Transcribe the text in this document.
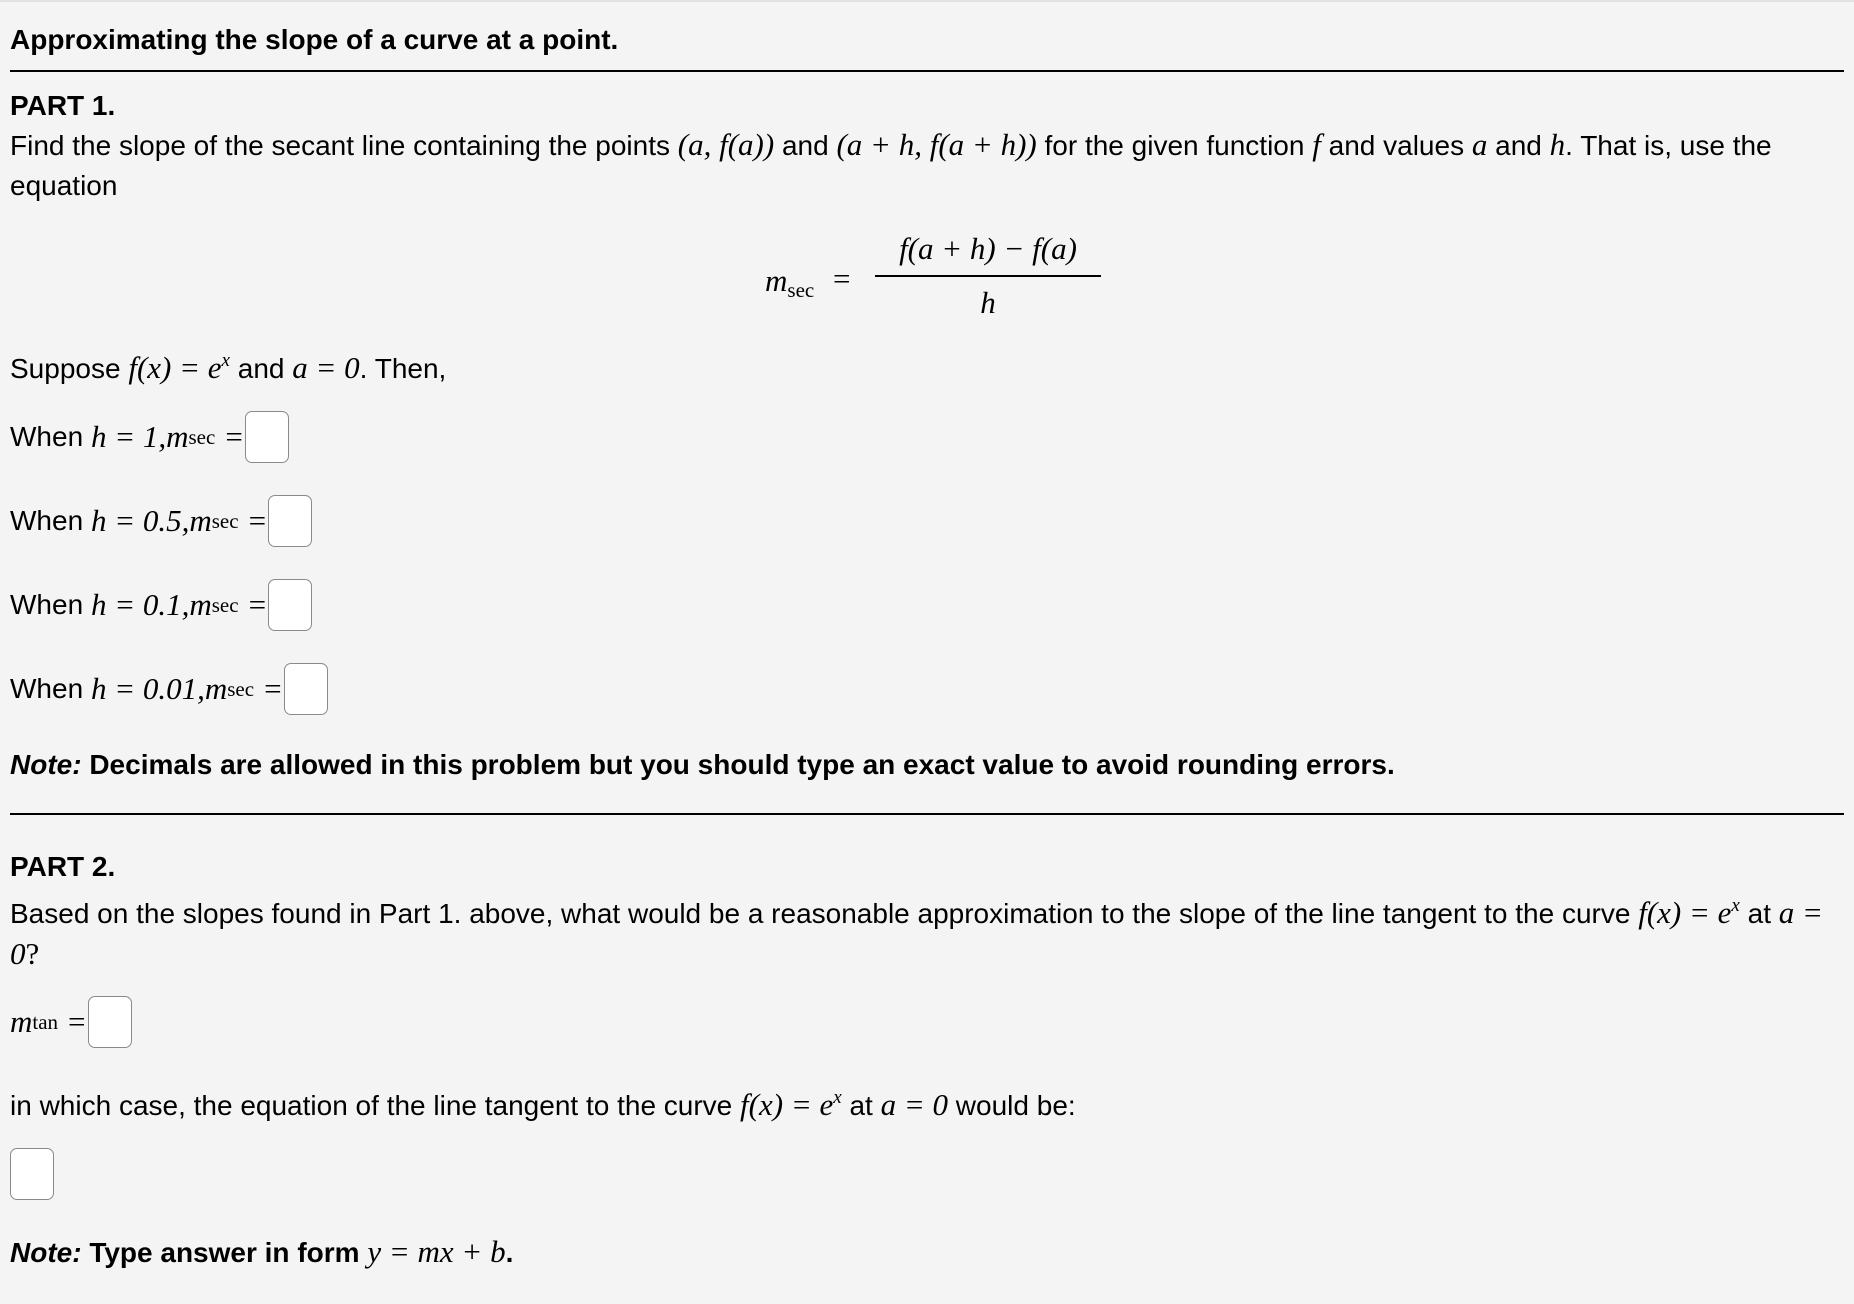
Approximating the slope of a curve at a point.
PART 1.
Find the slope of the secant line containing the points (a, f(a)) and (a + h, f(a + h)) for the given function f and values a and h. That is, use the equation
$m_{sec}$ =
f(a + h) − f(a)
h
Suppose $f(x) = e^x$ and a = 0. Then,
When
h = 1, m sec =
When
h = 0.5, m sec =
When
h = 0.1, m sec =
When
h = 0.01, m sec =
Note: Decimals are allowed in this problem but you should type an exact value to avoid rounding errors.
PART 2.
Based on the slopes found in Part 1. above, what would be a reasonable approximation to the slope of the line tangent to the curve $f(x) = e^x$ at a = 0?
m tan =
in which case, the equation of the line tangent to the curve $f(x) = e^x$ at a = 0 would be:
Note: Type answer in form y = mx + b.
